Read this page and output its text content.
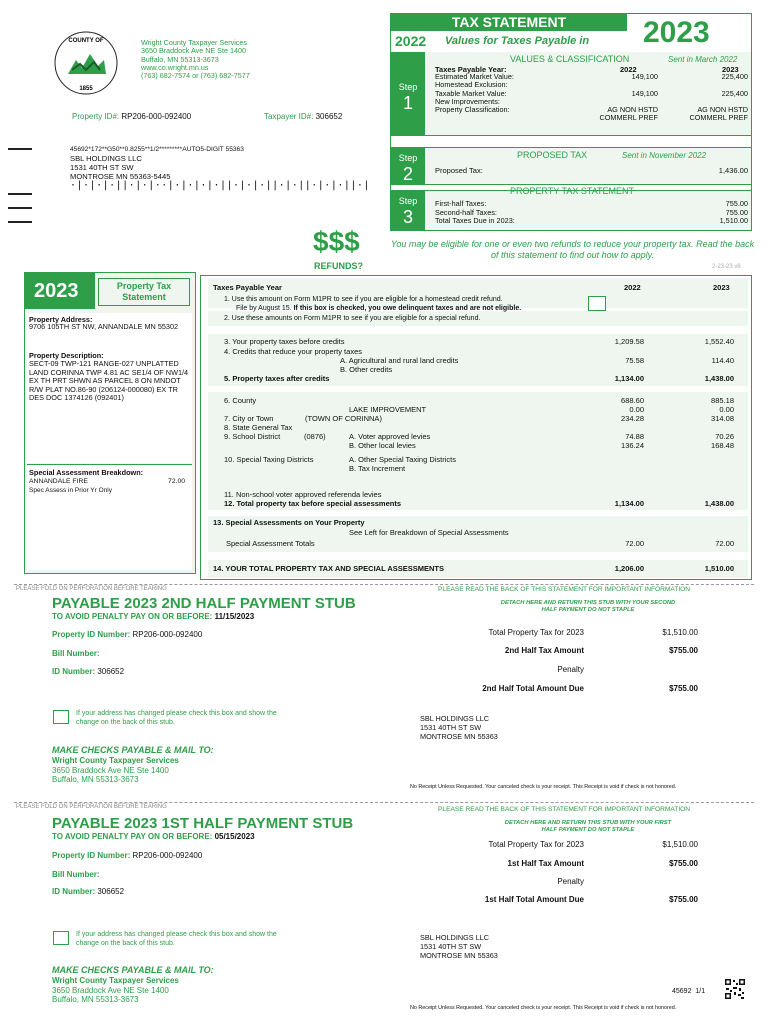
COUNTY OF
1855
Wright County Taxpayer Services
3650 Braddock Ave NE Ste 1400
Buffalo, MN 55313-3673
www.co.wright.mn.us
(763) 682-7574 or (763) 682-7577
Property ID#: RP206-000-092400	Taxpayer ID#: 306652
45692*172**G50**0.8255**1/2*********AUTO5-DIGIT 55363
SBL HOLDINGS LLC
1531 40TH ST SW
MONTROSE MN 55363-5445
·|·|·|·||·|·|··|·|·|·|·||·|·|·||·|·||·|·|·||·|
TAX STATEMENT
2022 Values for Taxes Payable in 2023
Step
1
VALUES & CLASSIFICATION	Sent in March 2022
Taxes Payable Year:	2022	2023
Estimated Market Value:	149,100	225,400
Homestead Exclusion:
Taxable Market Value:	149,100	225,400
New Improvements:
Property Classification:	AG NON HSTD	AG NON HSTD
COMMERL PREF	COMMERL PREF
Step
2
PROPOSED TAX	Sent in November 2022
Proposed Tax:	1,436.00
Step
3
PROPERTY TAX STATEMENT
First-half Taxes:	755.00
Second-half Taxes:	755.00
Total Taxes Due in 2023:	1,510.00
$$$
REFUNDS?
You may be eligible for one or even two refunds to reduce your property tax. Read the back of this statement to find out how to apply.
2-23-23 v8
2023	Property Tax Statement
Property Address:
9706 105TH ST NW, ANNANDALE MN 55302
Property Description:
SECT-09 TWP-121 RANGE-027 UNPLATTED LAND CORINNA TWP 4.81 AC SE1/4 OF NW1/4 EX TH PRT SHWN AS PARCEL 8 ON MNDOT R/W PLAT NO.86-90 (206124-000080) EX TR DES DOC 1374126 (092401)
Special Assessment Breakdown:
ANNANDALE FIRE	72.00
Spec Assess in Prior Yr Only
Taxes Payable Year	2022	2023
1. Use this amount on Form M1PR to see if you are eligible for a homestead credit refund.
File by August 15. If this box is checked, you owe delinquent taxes and are not eligible.
2. Use these amounts on Form M1PR to see if you are eligible for a special refund.
3. Your property taxes before credits	1,209.58	1,552.40
4. Credits that reduce your property taxes
A. Agricultural and rural land credits	75.58	114.40
B. Other credits
5. Property taxes after credits	1,134.00	1,438.00
6. County	688.60	885.18
LAKE IMPROVEMENT	0.00	0.00
7. City or Town	(TOWN OF CORINNA)	234.28	314.08
8. State General Tax
9. School District	(0876)	A. Voter approved levies	74.88	70.26
B. Other local levies	136.24	168.48
10. Special Taxing Districts	A. Other Special Taxing Districts
B. Tax Increment
11. Non-school voter approved referenda levies
12. Total property tax before special assessments	1,134.00	1,438.00
13. Special Assessments on Your Property
See Left for Breakdown of Special Assessments
Special Assessment Totals	72.00	72.00
14. YOUR TOTAL PROPERTY TAX AND SPECIAL ASSESSMENTS	1,206.00	1,510.00
PLEASE FOLD ON PERFORATION BEFORE TEARING	PLEASE READ THE BACK OF THIS STATEMENT FOR IMPORTANT INFORMATION
PAYABLE 2023 2ND HALF PAYMENT STUB
TO AVOID PENALTY PAY ON OR BEFORE: 11/15/2023
DETACH HERE AND RETURN THIS STUB WITH YOUR SECOND HALF PAYMENT DO NOT STAPLE
Property ID Number: RP206-000-092400
Bill Number:
ID Number: 306652
Total Property Tax for 2023	$1,510.00
2nd Half Tax Amount	$755.00
Penalty
2nd Half Total Amount Due	$755.00
If your address has changed please check this box and show the change on the back of this stub.	SBL HOLDINGS LLC
1531 40TH ST SW
MONTROSE MN 55363
MAKE CHECKS PAYABLE & MAIL TO:
Wright County Taxpayer Services
3650 Braddock Ave NE Ste 1400
Buffalo, MN 55313-3673
No Receipt Unless Requested. Your canceled check is your receipt. This Receipt is void if check is not honored.
PLEASE FOLD ON PERFORATION BEFORE TEARING	PLEASE READ THE BACK OF THIS STATEMENT FOR IMPORTANT INFORMATION
PAYABLE 2023 1ST HALF PAYMENT STUB
TO AVOID PENALTY PAY ON OR BEFORE: 05/15/2023
DETACH HERE AND RETURN THIS STUB WITH YOUR FIRST HALF PAYMENT DO NOT STAPLE
Property ID Number: RP206-000-092400
Bill Number:
ID Number: 306652
Total Property Tax for 2023	$1,510.00
1st Half Tax Amount	$755.00
Penalty
1st Half Total Amount Due	$755.00
If your address has changed please check this box and show the change on the back of this stub.
SBL HOLDINGS LLC
1531 40TH ST SW
MONTROSE MN 55363
MAKE CHECKS PAYABLE & MAIL TO:
Wright County Taxpayer Services
3650 Braddock Ave NE Ste 1400
Buffalo, MN 55313-3673
45692 1/1
No Receipt Unless Requested. Your canceled check is your receipt. This Receipt is void if check is not honored.
